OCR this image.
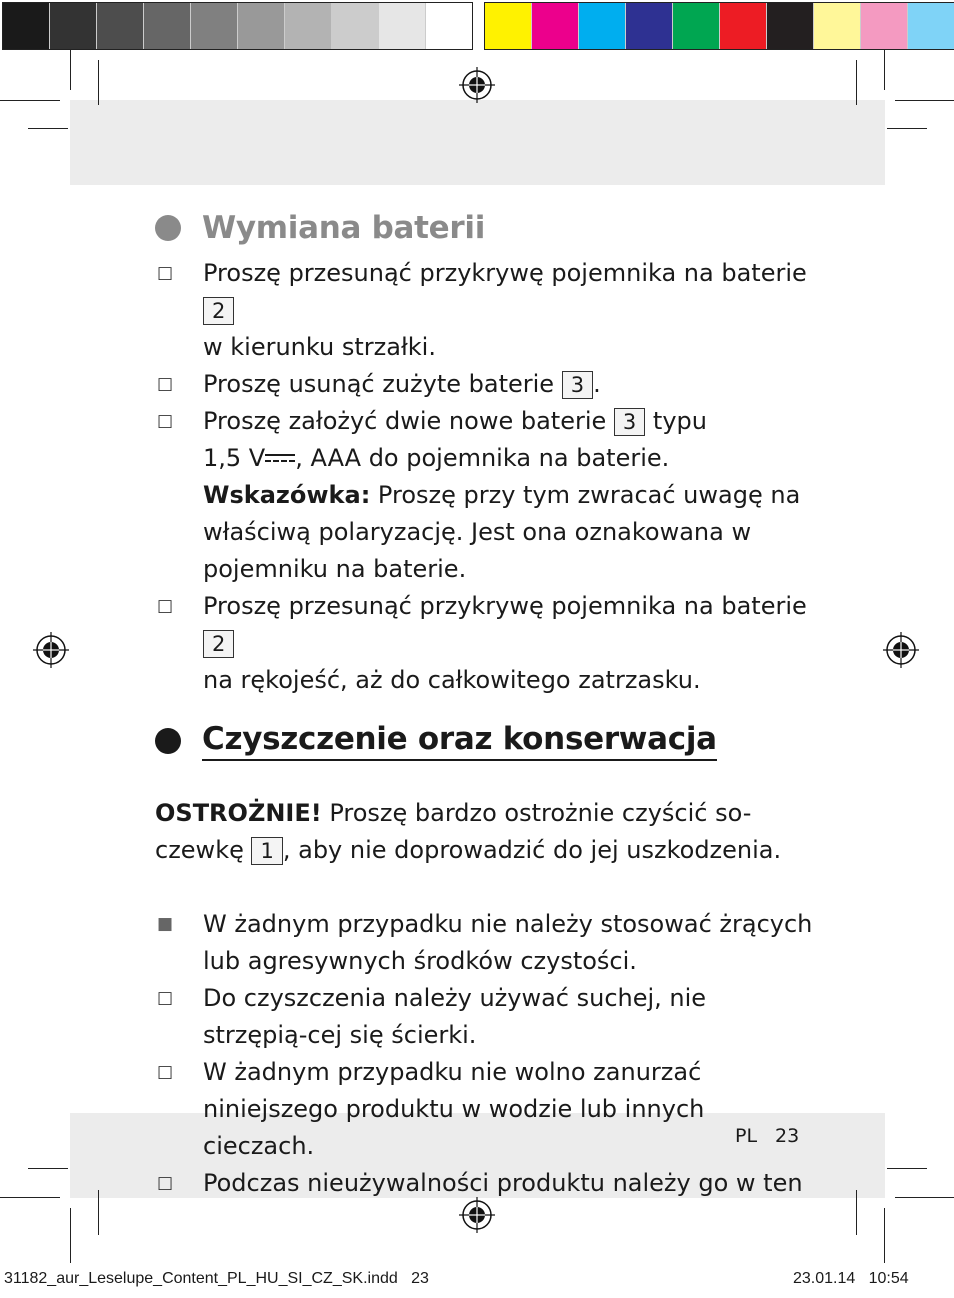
Wymiana baterii
□ Proszę przesunąć przykrywę pojemnika na baterie 2
w kierunku strzałki.
□ Proszę usunąć zużyte baterie 3 .
□ Proszę założyć dwie nowe baterie 3 typu
1,5 V , AAA do pojemnika na baterie.
Wskazówka: Proszę przy tym zwracać uwagę na właściwą polaryzację. Jest ona oznakowana w pojemniku na baterie.
□ Proszę przesunąć przykrywę pojemnika na baterie 2
na rękojeść, aż do całkowitego zatrzasku.
Czyszczenie oraz konserwacja
OSTROŻNIE! Proszę bardzo ostrożnie czyścić so-
czewkę 1 , aby nie doprowadzić do jej uszkodzenia.
■ W żadnym przypadku nie należy stosować żrących lub agresywnych środków czystości.
□ Do czyszczenia należy używać suchej, nie strzępią-cej się ścierki.
□ W żadnym przypadku nie wolno zanurzać niniejszego produktu w wodzie lub innych cieczach.
□ Podczas nieużywalności produktu należy go w ten
PL 23
31182_aur_Leselupe_Content_PL_HU_SI_CZ_SK.indd 23	23.01.14 10:54
